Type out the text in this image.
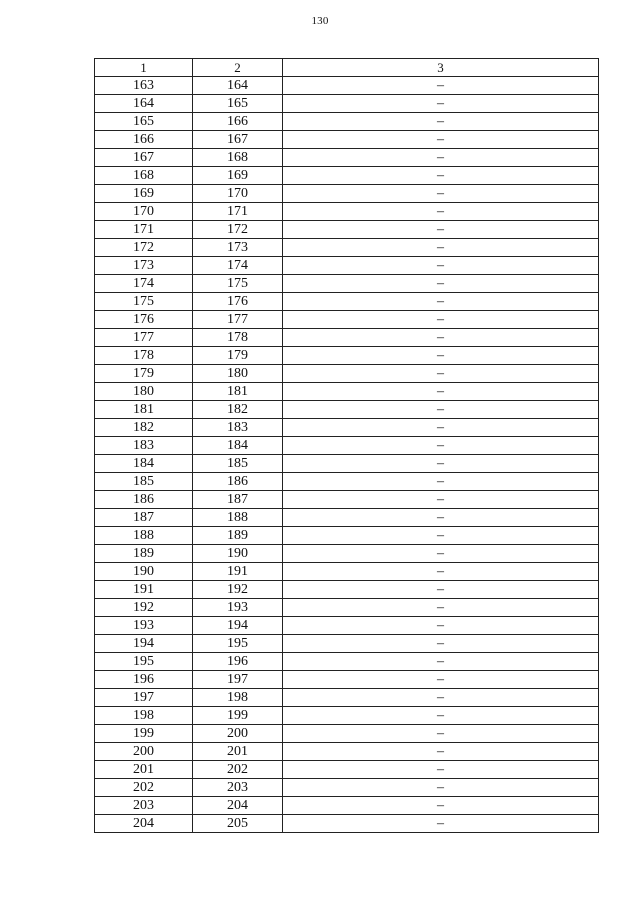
130
1	2	3
163	164	–
164	165	–
165	166	–
166	167	–
167	168	–
168	169	–
169	170	–
170	171	–
171	172	–
172	173	–
173	174	–
174	175	–
175	176	–
176	177	–
177	178	–
178	179	–
179	180	–
180	181	–
181	182	–
182	183	–
183	184	–
184	185	–
185	186	–
186	187	–
187	188	–
188	189	–
189	190	–
190	191	–
191	192	–
192	193	–
193	194	–
194	195	–
195	196	–
196	197	–
197	198	–
198	199	–
199	200	–
200	201	–
201	202	–
202	203	–
203	204	–
204	205	–
